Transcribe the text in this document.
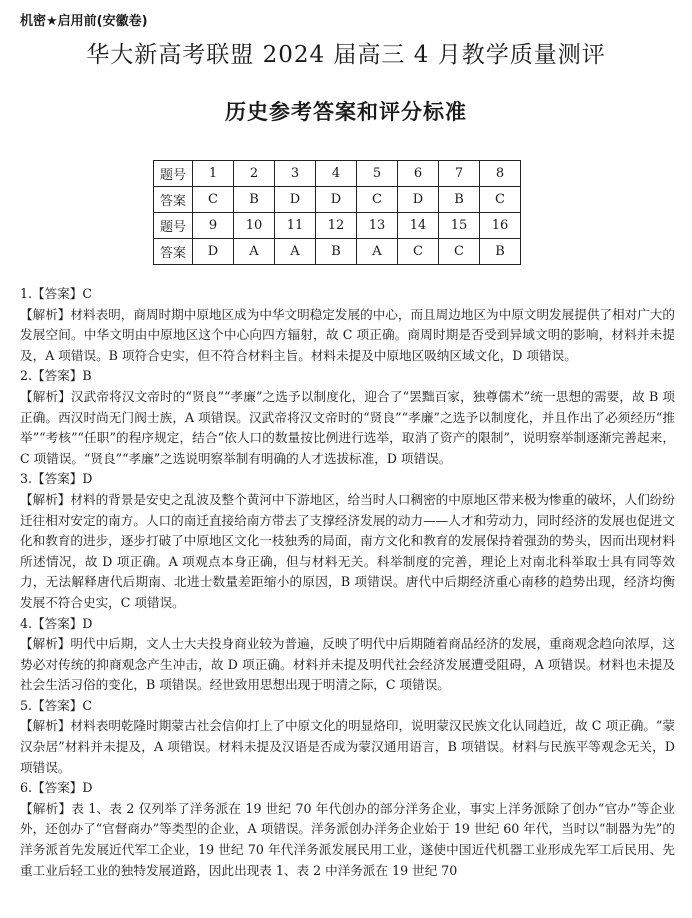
机密★启用前(安徽卷)
华大新高考联盟 2024 届高三 4 月教学质量测评
历史参考答案和评分标准
题号	1	2	3	4	5	6	7	8
答案	C	B	D	D	C	D	B	C
题号	9	10	11	12	13	14	15	16
答案	D	A	A	B	A	C	C	B

1.【答案】C

【解析】材料表明，商周时期中原地区成为中华文明稳定发展的中心，而且周边地区为中原文明发展提供了相对广大的发展空间。中华文明由中原地区这个中心向四方辐射，故 C 项正确。商周时期是否受到异域文明的影响，材料并未提及，A 项错误。B 项符合史实，但不符合材料主旨。材料未提及中原地区吸纳区域文化，D 项错误。

2.【答案】B

【解析】汉武帝将汉文帝时的“贤良”“孝廉”之选予以制度化，迎合了“罢黜百家，独尊儒术”统一思想的需要，故 B 项正确。西汉时尚无门阀士族，A 项错误。汉武帝将汉文帝时的“贤良”“孝廉”之选予以制度化，并且作出了必须经历“推举”“考核”“任职”的程序规定，结合“依人口的数量按比例进行选举，取消了资产的限制”，说明察举制逐渐完善起来，C 项错误。“贤良”“孝廉”之选说明察举制有明确的人才选拔标准，D 项错误。

3.【答案】D

【解析】材料的背景是安史之乱波及整个黄河中下游地区，给当时人口稠密的中原地区带来极为惨重的破坏，人们纷纷迁往相对安定的南方。人口的南迁直接给南方带去了支撑经济发展的动力——人才和劳动力，同时经济的发展也促进文化和教育的进步，逐步打破了中原地区文化一枝独秀的局面，南方文化和教育的发展保持着强劲的势头，因而出现材料所述情况，故 D 项正确。A 项观点本身正确，但与材料无关。科举制度的完善，理论上对南北科举取士具有同等效力，无法解释唐代后期南、北进士数量差距缩小的原因，B 项错误。唐代中后期经济重心南移的趋势出现，经济均衡发展不符合史实，C 项错误。

4.【答案】D

【解析】明代中后期，文人士大夫投身商业较为普遍，反映了明代中后期随着商品经济的发展，重商观念趋向浓厚，这势必对传统的抑商观念产生冲击，故 D 项正确。材料并未提及明代社会经济发展遭受阻碍，A 项错误。材料也未提及社会生活习俗的变化，B 项错误。经世致用思想出现于明清之际，C 项错误。

5.【答案】C

【解析】材料表明乾隆时期蒙古社会信仰打上了中原文化的明显烙印，说明蒙汉民族文化认同趋近，故 C 项正确。“蒙汉杂居”材料并未提及，A 项错误。材料未提及汉语是否成为蒙汉通用语言，B 项错误。材料与民族平等观念无关，D 项错误。

6.【答案】D

【解析】表 1、表 2 仅列举了洋务派在 19 世纪 70 年代创办的部分洋务企业，事实上洋务派除了创办“官办”等企业外，还创办了“官督商办”等类型的企业，A 项错误。洋务派创办洋务企业始于 19 世纪 60 年代，当时以“制器为先”的洋务派首先发展近代军工企业，19 世纪 70 年代洋务派发展民用工业，遂使中国近代机器工业形成先军工后民用、先重工业后轻工业的独特发展道路，因此出现表 1、表 2 中洋务派在 19 世纪 70
